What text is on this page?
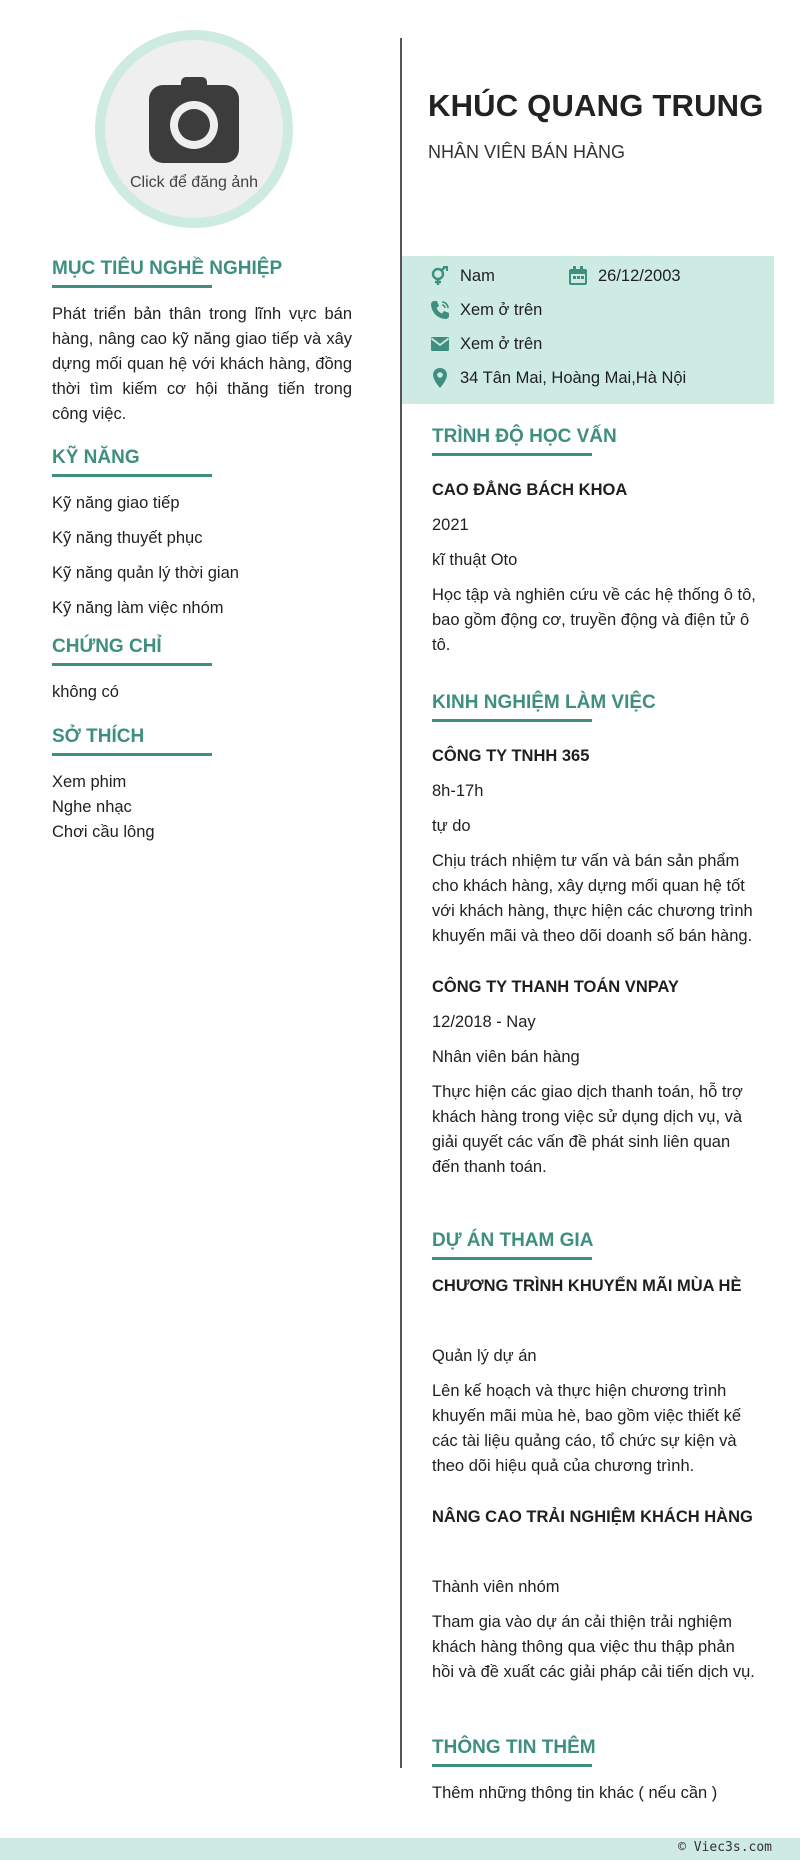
Click để đăng ảnh
KHÚC QUANG TRUNG
NHÂN VIÊN BÁN HÀNG
Nam	26/12/2003
Xem ở trên
Xem ở trên
34 Tân Mai, Hoàng Mai,Hà Nội
MỤC TIÊU NGHỀ NGHIỆP

Phát triển bản thân trong lĩnh vực bán hàng, nâng cao kỹ năng giao tiếp và xây dựng mối quan hệ với khách hàng, đồng thời tìm kiếm cơ hội thăng tiến trong công việc.

KỸ NĂNG

Kỹ năng giao tiếp

Kỹ năng thuyết phục

Kỹ năng quản lý thời gian

Kỹ năng làm việc nhóm

CHỨNG CHỈ

không có

SỞ THÍCH

Xem phim

Nghe nhạc

Chơi cầu lông

TRÌNH ĐỘ HỌC VẤN

CAO ĐẲNG BÁCH KHOA

2021

kĩ thuật Oto

Học tập và nghiên cứu về các hệ thống ô tô, bao gồm động cơ, truyền động và điện tử ô tô.

KINH NGHIỆM LÀM VIỆC

CÔNG TY TNHH 365

8h-17h

tự do

Chịu trách nhiệm tư vấn và bán sản phẩm cho khách hàng, xây dựng mối quan hệ tốt với khách hàng, thực hiện các chương trình khuyến mãi và theo dõi doanh số bán hàng.

CÔNG TY THANH TOÁN VNPAY

12/2018 - Nay

Nhân viên bán hàng

Thực hiện các giao dịch thanh toán, hỗ trợ khách hàng trong việc sử dụng dịch vụ, và giải quyết các vấn đề phát sinh liên quan đến thanh toán.

DỰ ÁN THAM GIA

CHƯƠNG TRÌNH KHUYẾN MÃI MÙA HÈ

Quản lý dự án

Lên kế hoạch và thực hiện chương trình khuyến mãi mùa hè, bao gồm việc thiết kế các tài liệu quảng cáo, tổ chức sự kiện và theo dõi hiệu quả của chương trình.

NÂNG CAO TRẢI NGHIỆM KHÁCH HÀNG

Thành viên nhóm

Tham gia vào dự án cải thiện trải nghiệm khách hàng thông qua việc thu thập phản hồi và đề xuất các giải pháp cải tiến dịch vụ.

THÔNG TIN THÊM

Thêm những thông tin khác ( nếu cần )

© Viec3s.com
